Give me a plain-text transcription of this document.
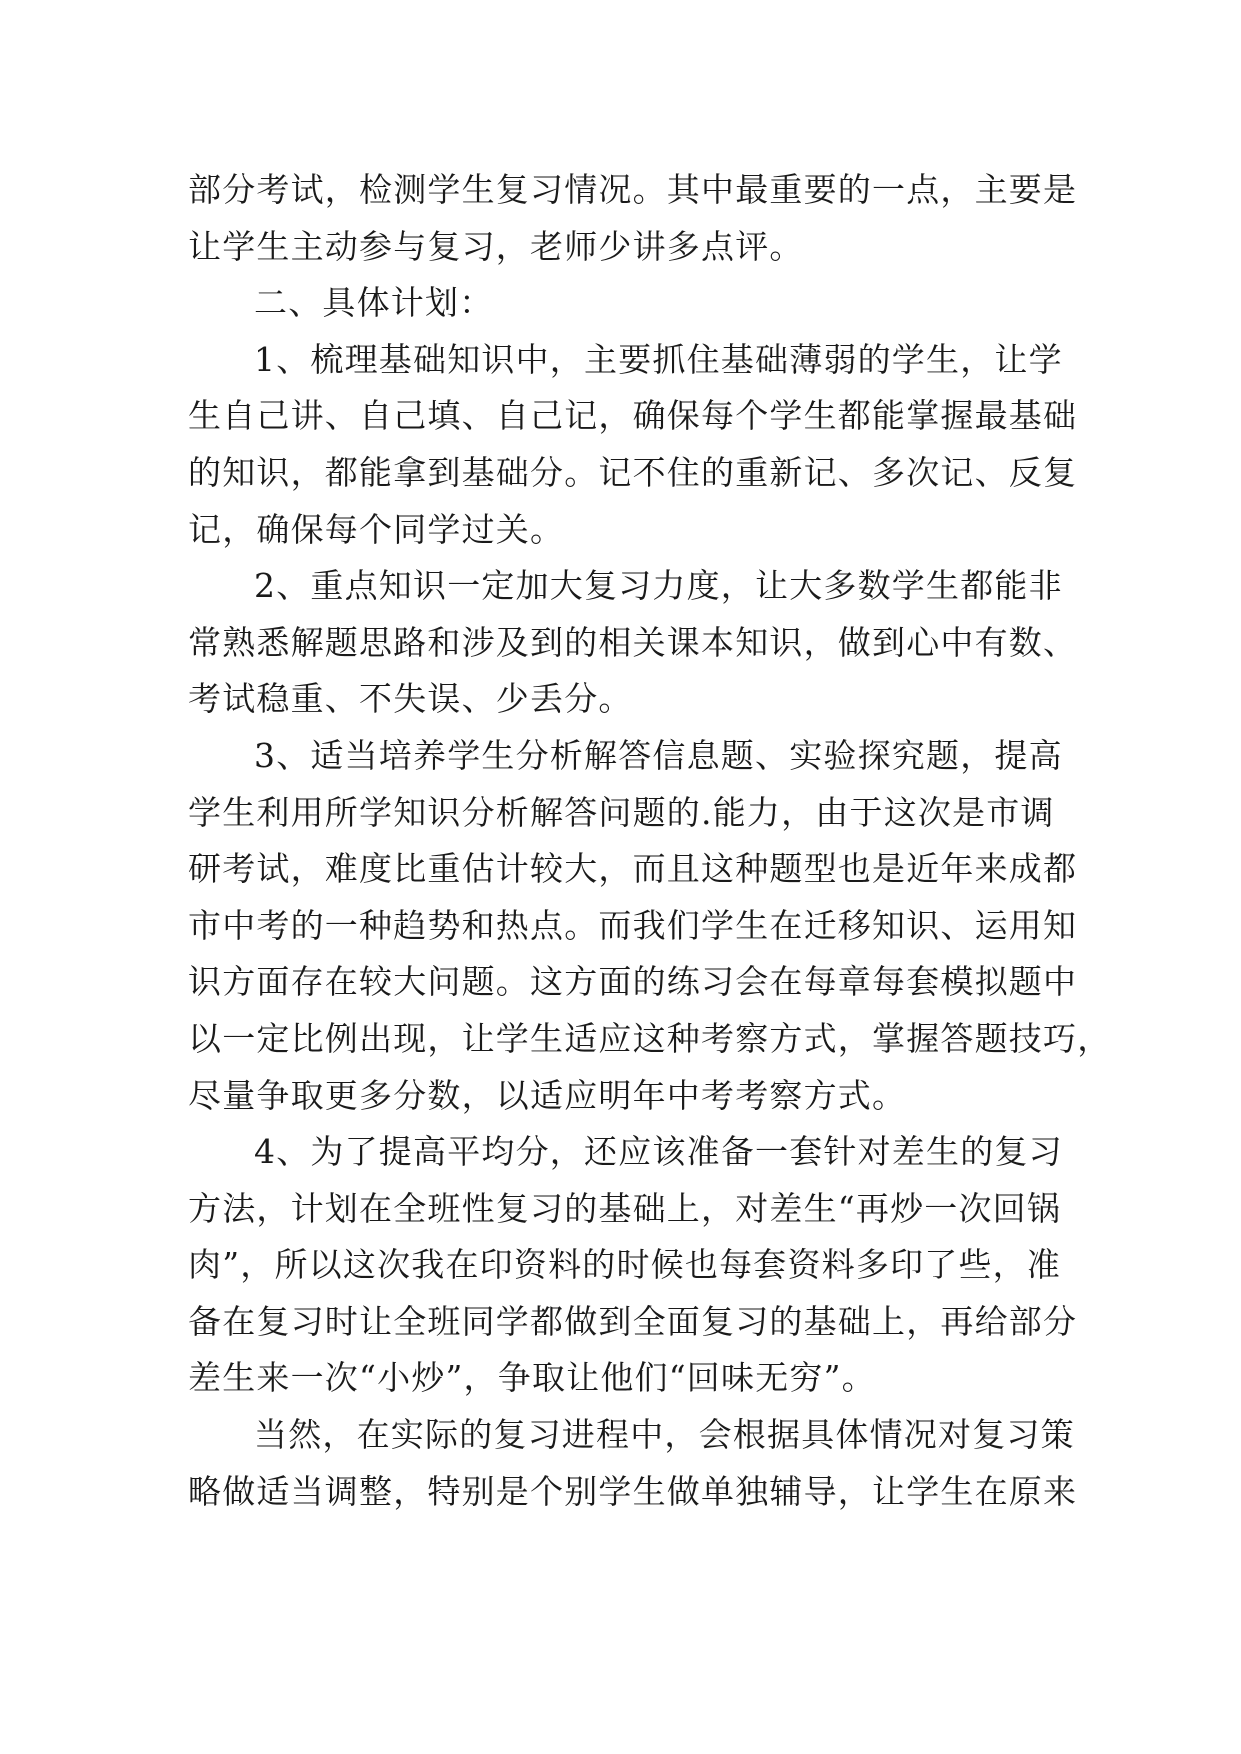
部分考试，检测学生复习情况。其中最重要的一点，主要是
让学生主动参与复习，老师少讲多点评。
二、具体计划：
1、梳理基础知识中，主要抓住基础薄弱的学生，让学
生自己讲、自己填、自己记，确保每个学生都能掌握最基础
的知识，都能拿到基础分。记不住的重新记、多次记、反复
记，确保每个同学过关。
2、重点知识一定加大复习力度，让大多数学生都能非
常熟悉解题思路和涉及到的相关课本知识，做到心中有数、
考试稳重、不失误、少丢分。
3、适当培养学生分析解答信息题、实验探究题，提高
学生利用所学知识分析解答问题的.能力，由于这次是市调
研考试，难度比重估计较大，而且这种题型也是近年来成都
市中考的一种趋势和热点。而我们学生在迁移知识、运用知
识方面存在较大问题。这方面的练习会在每章每套模拟题中
以一定比例出现，让学生适应这种考察方式，掌握答题技巧，
尽量争取更多分数，以适应明年中考考察方式。
4、为了提高平均分，还应该准备一套针对差生的复习
方法，计划在全班性复习的基础上，对差生“再炒一次回锅
肉”，所以这次我在印资料的时候也每套资料多印了些，准
备在复习时让全班同学都做到全面复习的基础上，再给部分
差生来一次“小炒”，争取让他们“回味无穷”。
当然，在实际的复习进程中，会根据具体情况对复习策
略做适当调整，特别是个别学生做单独辅导，让学生在原来
